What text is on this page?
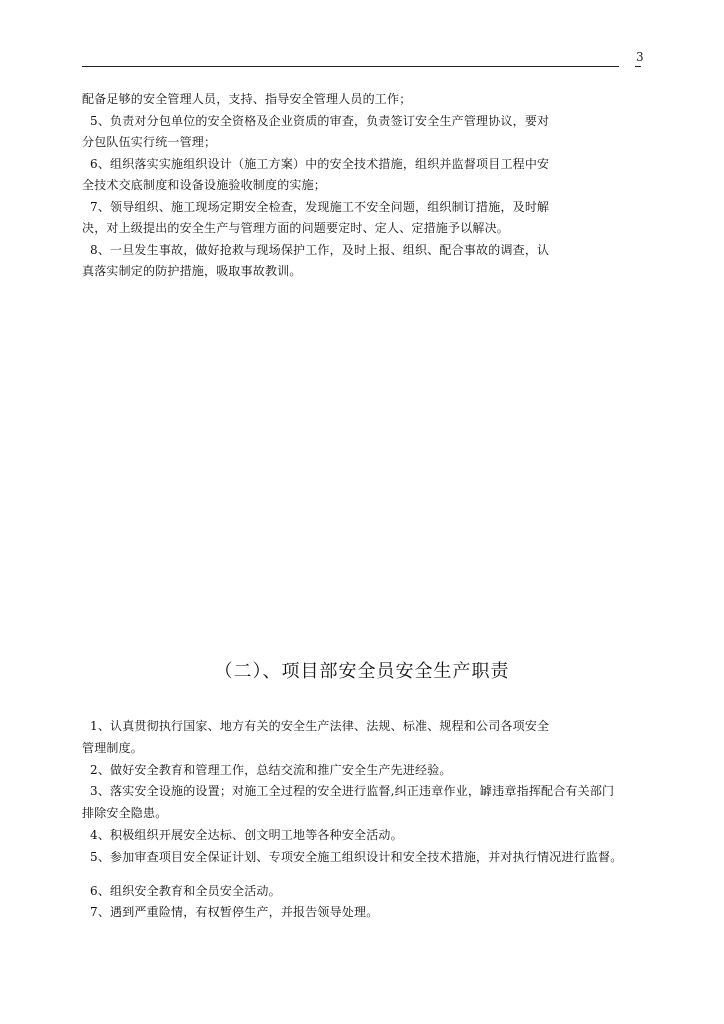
3
配备足够的安全管理人员，支持、指导安全管理人员的工作；
5、负责对分包单位的安全资格及企业资质的审查，负责签订安全生产管理协议，要对
分包队伍实行统一管理；
6、组织落实实施组织设计（施工方案）中的安全技术措施，组织并监督项目工程中安
全技术交底制度和设备设施验收制度的实施；
7、领导组织、施工现场定期安全检查，发现施工不安全问题，组织制订措施，及时解
决，对上级提出的安全生产与管理方面的问题要定时、定人、定措施予以解决。
8、一旦发生事故，做好抢救与现场保护工作，及时上报、组织、配合事故的调查，认
真落实制定的防护措施，吸取事故教训。
（二）、项目部安全员安全生产职责
1、认真贯彻执行国家、地方有关的安全生产法律、法规、标准、规程和公司各项安全
管理制度。
2、做好安全教育和管理工作，总结交流和推广安全生产先进经验。
3、落实安全设施的设置；对施工全过程的安全进行监督,纠正违章作业，罅违章指挥配合有关部门
排除安全隐患。
4、积极组织开展安全达标、创文明工地等各种安全活动。
5、参加审查项目安全保证计划、专项安全施工组织设计和安全技术措施，并对执行情况进行监督。
6、组织安全教育和全员安全活动。
7、遇到严重险情，有权暂停生产，并报告领导处理。
